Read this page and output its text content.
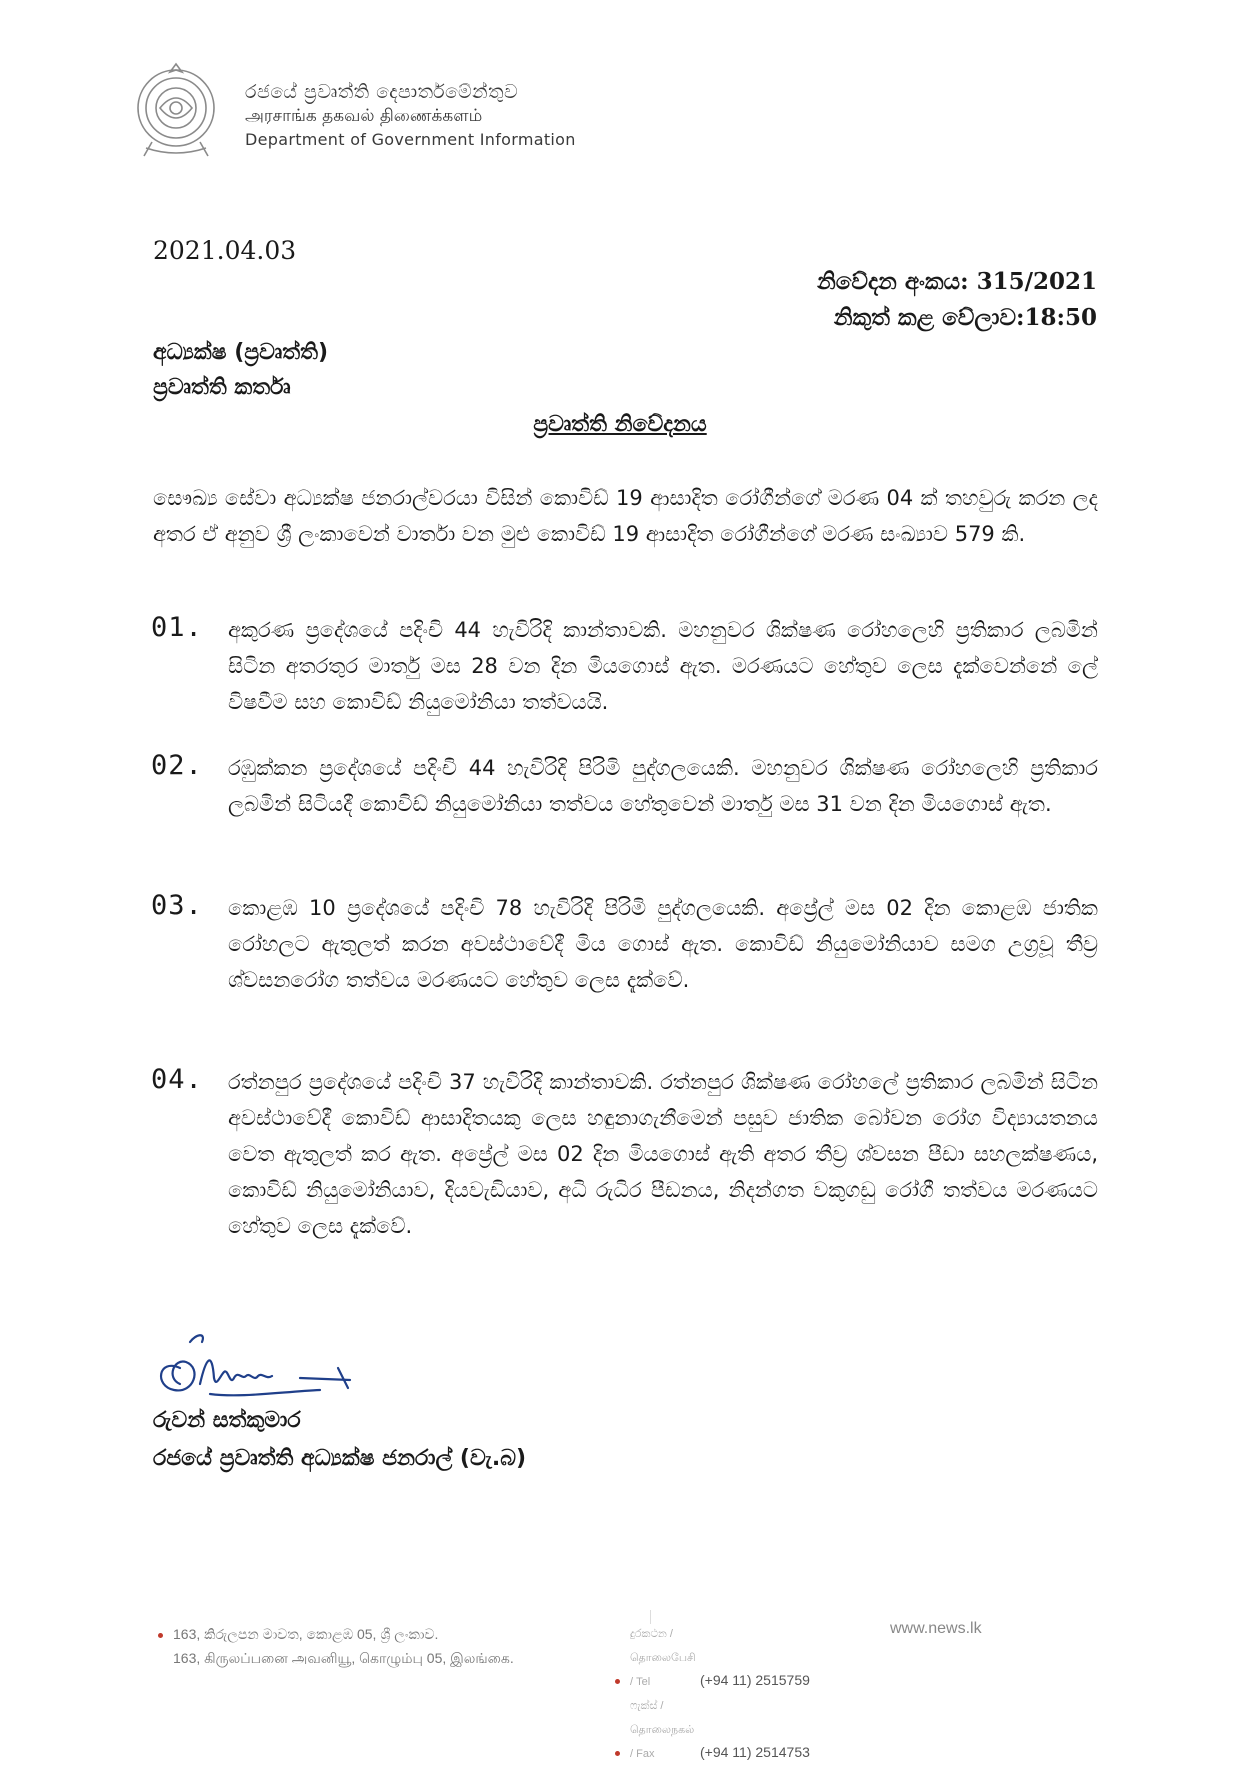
රජයේ ප්‍රවෘත්ති දෙපාර්තමේන්තුව
அரசாங்க தகவல் திணைக்களம்
Department of Government Information
2021.04.03
නිවේදන අංකය: 315/2021
නිකුත් කළ වේලාව:18:50
අධ්‍යක්ෂ (ප්‍රවෘත්ති)
ප්‍රවෘත්ති කර්තෘ
ප්‍රවෘත්ති නිවේදනය
සෞඛ්‍ය සේවා අධ්‍යක්ෂ ජනරාල්වරයා විසින් කොවිඩ් 19 ආසාදිත රෝගීන්ගේ මරණ 04 ක් තහවුරු කරන ලද අතර ඒ අනුව ශ්‍රී ලංකාවෙන් වාර්තා වන මුළු කොවිඩ් 19 ආසාදිත රෝගීන්ගේ මරණ සංඛ්‍යාව 579 කි.
01. අකුරණ ප්‍රදේශයේ පදිංචි 44 හැවිරිදි කාන්තාවකි. මහනුවර ශික්ෂණ රෝහලෙහි ප්‍රතිකාර ලබමින් සිටින අතරතුර මාර්තු මස 28 වන දින මියගොස් ඇත. මරණයට හේතුව ලෙස දැක්වෙන්නේ ලේ විෂවීම සහ කොවිඩ් නියුමෝනියා තත්වයයි.
02. රඹුක්කන ප්‍රදේශයේ පදිංචි 44 හැවිරිදි පිරිමි පුද්ගලයෙකි. මහනුවර ශික්ෂණ රෝහලෙහි ප්‍රතිකාර ලබමින් සිටියදී කොවිඩ් නියුමෝනියා තත්වය හේතුවෙන් මාර්තු මස 31 වන දින මියගොස් ඇත.
03. කොළඹ 10 ප්‍රදේශයේ පදිංචි 78 හැවිරිදි පිරිමි පුද්ගලයෙකි. අප්‍රේල් මස 02 දින කොළඹ ජාතික රෝහලට ඇතුලත් කරන අවස්ථාවේදී මිය ගොස් ඇත. කොවිඩ් නියුමෝනියාව සමග උග්‍රවූ තීව්‍ර ශ්වසනරෝග තත්වය මරණයට හේතුව ලෙස දැක්වේ.
04. රත්නපුර ප්‍රදේශයේ පදිංචි 37 හැවිරිදි කාන්තාවකි. රත්නපුර ශික්ෂණ රෝහලේ ප්‍රතිකාර ලබමින් සිටින අවස්ථාවේදී කොවිඩ් ආසාදිතයකු ලෙස හඳුනාගැනීමෙන් පසුව ජාතික බෝවන රෝග විද්‍යායතනය වෙත ඇතුලත් කර ඇත. අප්‍රේල් මස 02 දින මියගොස් ඇති අතර තීව්‍ර ශ්වසන පීඩා සහලක්ෂණය, කොවිඩ් නියුමෝනියාව, දියවැඩියාව, අධි රුධිර පීඩනය, නිදන්ගත වකුගඩු රෝගී තත්වය මරණයට හේතුව ලෙස දැක්වේ.
රුවන් සත්කුමාර
රජයේ ප්‍රවෘත්ති අධ්‍යක්ෂ ජනරාල් (වැ.බ)
163, කිරුලපන මාවත, කොළඹ 05, ශ්‍රී ලංකාව.
163, கிருலப்பனை அவனியூ, கொழும்பு 05, இலங்கை.
දුරකථන / தொலைபேசி / Tel	(+94 11) 2515759
ෆැක්ස් / தொலைநகல் / Fax	(+94 11) 2514753
www.news.lk
